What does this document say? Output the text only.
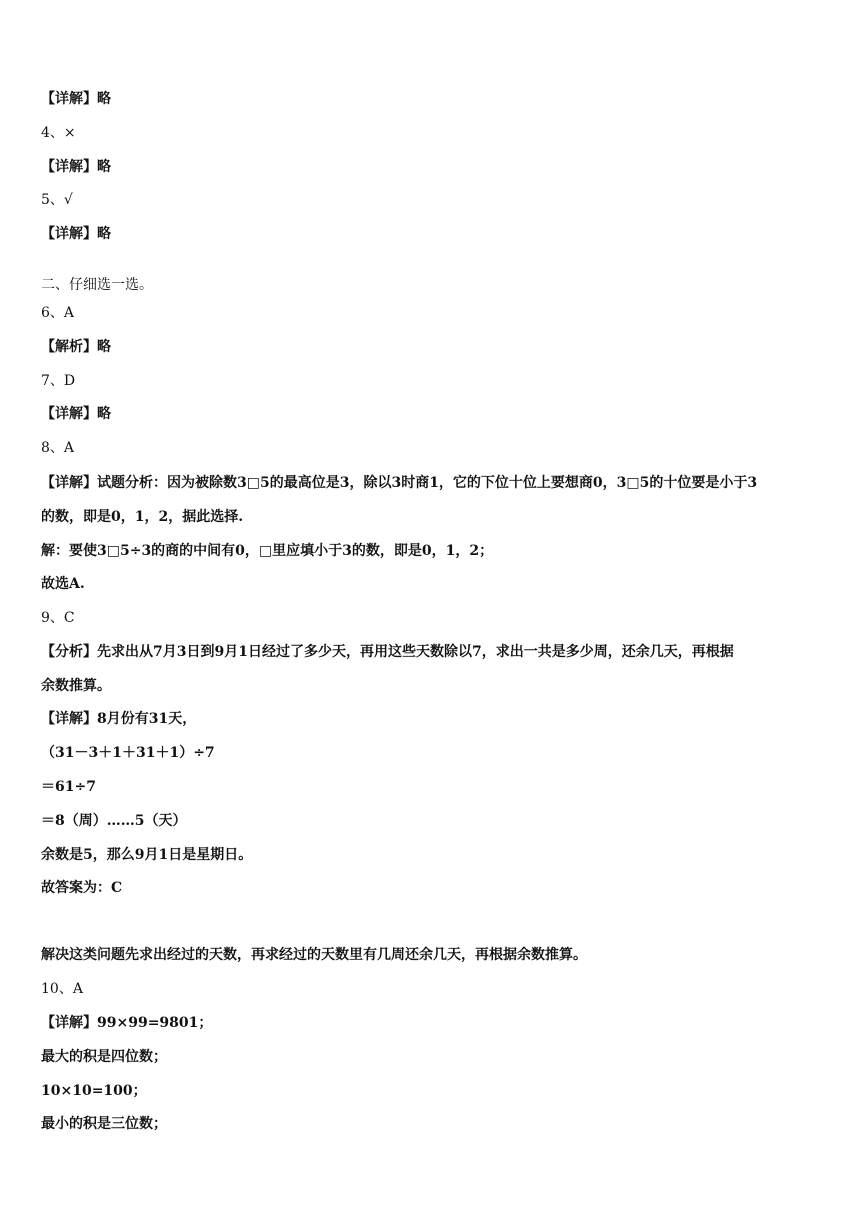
【详解】略
4、×
【详解】略
5、√
【详解】略
二、仔细选一选。
6、A
【解析】略
7、D
【详解】略
8、A
【详解】试题分析：因为被除数3□5的最高位是3，除以3时商1，它的下位十位上要想商0，3□5的十位要是小于3
的数，即是0，1，2，据此选择.
解：要使3□5÷3的商的中间有0，□里应填小于3的数，即是0，1，2；
故选A.
9、C
【分析】先求出从7月3日到9月1日经过了多少天，再用这些天数除以7，求出一共是多少周，还余几天，再根据
余数推算。
【详解】8月份有31天，
（31－3＋1＋31＋1）÷7
＝61÷7
＝8（周）……5（天）
余数是5，那么9月1日是星期日。
故答案为：C
解决这类问题先求出经过的天数，再求经过的天数里有几周还余几天，再根据余数推算。
10、A
【详解】99×99=9801；
最大的积是四位数；
10×10=100；
最小的积是三位数；
